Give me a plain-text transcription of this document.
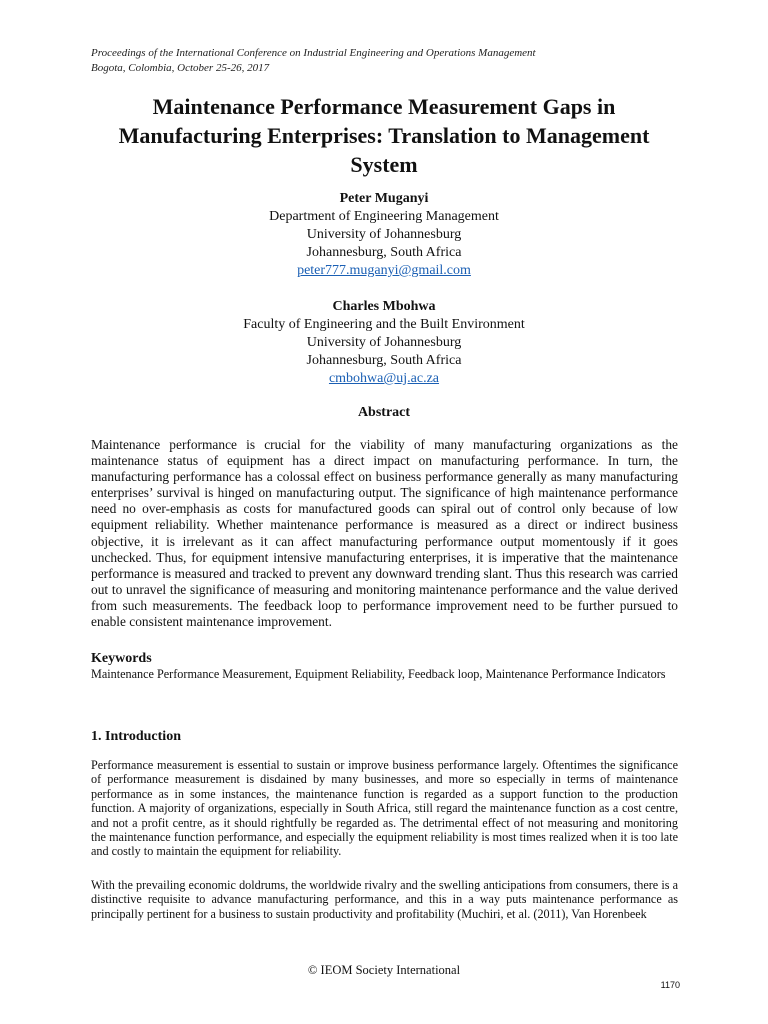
Proceedings of the International Conference on Industrial Engineering and Operations Management
Bogota, Colombia, October 25-26, 2017
Maintenance Performance Measurement Gaps in Manufacturing Enterprises: Translation to Management System
Peter Muganyi
Department of Engineering Management
University of Johannesburg
Johannesburg, South Africa
peter777.muganyi@gmail.com
Charles Mbohwa
Faculty of Engineering and the Built Environment
University of Johannesburg
Johannesburg, South Africa
cmbohwa@uj.ac.za
Abstract

Maintenance performance is crucial for the viability of many manufacturing organizations as the maintenance status of equipment has a direct impact on manufacturing performance. In turn, the manufacturing performance has a colossal effect on business performance generally as many manufacturing enterprises’ survival is hinged on manufacturing output. The significance of high maintenance performance need no over-emphasis as costs for manufactured goods can spiral out of control only because of low equipment reliability. Whether maintenance performance is measured as a direct or indirect business objective, it is irrelevant as it can affect manufacturing performance output momentously if it goes unchecked. Thus, for equipment intensive manufacturing enterprises, it is imperative that the maintenance performance is measured and tracked to prevent any downward trending slant. Thus this research was carried out to unravel the significance of measuring and monitoring maintenance performance and the value derived from such measurements. The feedback loop to performance improvement need to be further pursued to enable consistent maintenance improvement.

Keywords

Maintenance Performance Measurement, Equipment Reliability, Feedback loop, Maintenance Performance Indicators

1. Introduction

Performance measurement is essential to sustain or improve business performance largely. Oftentimes the significance of performance measurement is disdained by many businesses, and more so especially in terms of maintenance performance as in some instances, the maintenance function is regarded as a support function to the production function. A majority of organizations, especially in South Africa, still regard the maintenance function as a cost centre, and not a profit centre, as it should rightfully be regarded as. The detrimental effect of not measuring and monitoring the maintenance function performance, and especially the equipment reliability is most times realized when it is too late and costly to maintain the equipment for reliability.

With the prevailing economic doldrums, the worldwide rivalry and the swelling anticipations from consumers, there is a distinctive requisite to advance manufacturing performance, and this in a way puts maintenance performance as principally pertinent for a business to sustain productivity and profitability (Muchiri, et al. (2011), Van Horenbeek

© IEOM Society International
1170
